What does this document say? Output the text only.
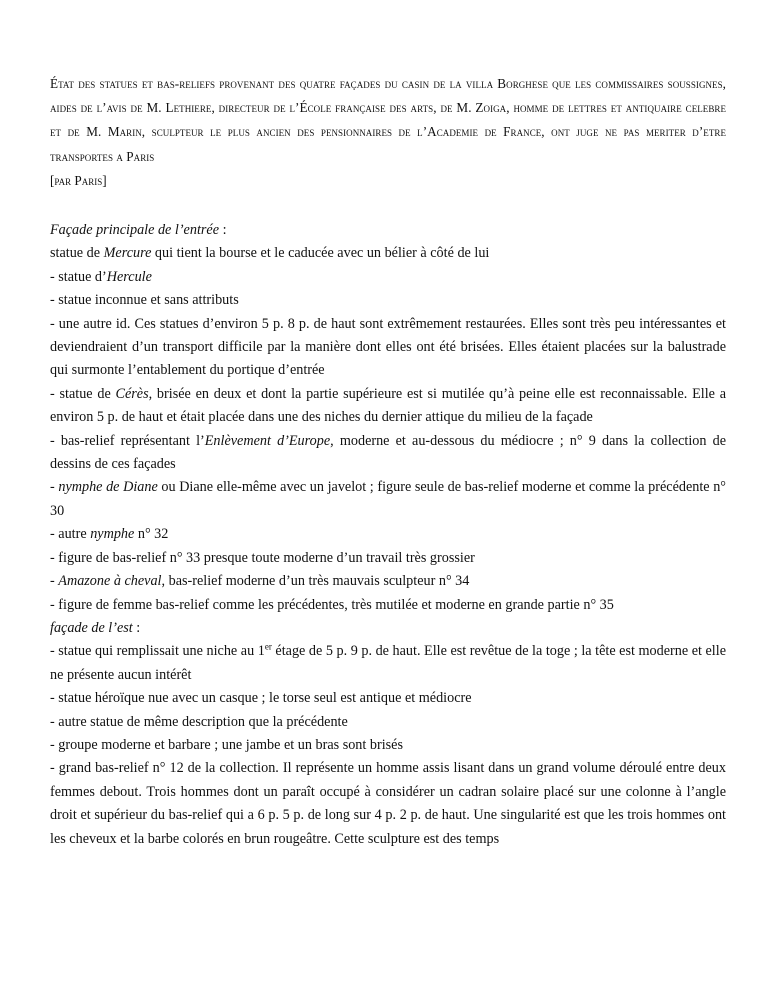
État des statues et bas-reliefs provenant des quatre façades du casin de la villa Borghese que les commissaires soussignes, aides de l’avis de M. Lethiere, directeur de l’École française des arts, de M. Zoiga, homme de lettres et antiquaire celebre et de M. Marin, sculpteur le plus ancien des pensionnaires de l’Academie de France, ont juge ne pas meriter d’etre transportes a Paris

[par Paris]

Façade principale de l’entrée :

statue de Mercure qui tient la bourse et le caducée avec un bélier à côté de lui

- statue d’Hercule

- statue inconnue et sans attributs

- une autre id. Ces statues d’environ 5 p. 8 p. de haut sont extrêmement restaurées. Elles sont très peu intéressantes et deviendraient d’un transport difficile par la manière dont elles ont été brisées. Elles étaient placées sur la balustrade qui surmonte l’entablement du portique d’entrée

- statue de Cérès, brisée en deux et dont la partie supérieure est si mutilée qu’à peine elle est reconnaissable. Elle a environ 5 p. de haut et était placée dans une des niches du dernier attique du milieu de la façade

- bas-relief représentant l’Enlèvement d’Europe, moderne et au-dessous du médiocre ; n° 9 dans la collection de dessins de ces façades

- nymphe de Diane ou Diane elle-même avec un javelot ; figure seule de bas-relief moderne et comme la précédente n° 30

- autre nymphe n° 32

- figure de bas-relief n° 33 presque toute moderne d’un travail très grossier

- Amazone à cheval, bas-relief moderne d’un très mauvais sculpteur n° 34

- figure de femme bas-relief comme les précédentes, très mutilée et moderne en grande partie n° 35

façade de l’est :

- statue qui remplissait une niche au 1er étage de 5 p. 9 p. de haut. Elle est revêtue de la toge ; la tête est moderne et elle ne présente aucun intérêt

- statue héroïque nue avec un casque ; le torse seul est antique et médiocre

- autre statue de même description que la précédente

- groupe moderne et barbare ; une jambe et un bras sont brisés

- grand bas-relief n° 12 de la collection. Il représente un homme assis lisant dans un grand volume déroulé entre deux femmes debout. Trois hommes dont un paraît occupé à considérer un cadran solaire placé sur une colonne à l’angle droit et supérieur du bas-relief qui a 6 p. 5 p. de long sur 4 p. 2 p. de haut. Une singularité est que les trois hommes ont les cheveux et la barbe colorés en brun rougeâtre. Cette sculpture est des temps
